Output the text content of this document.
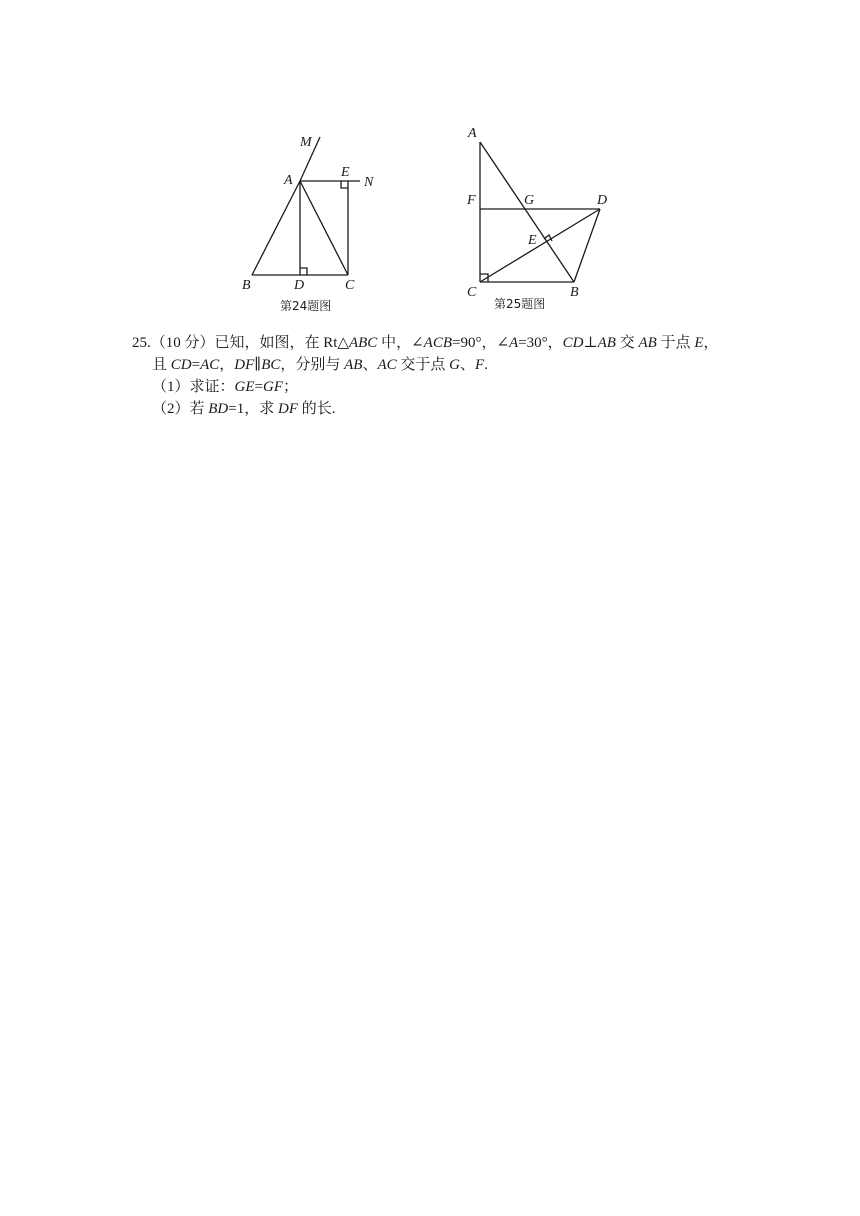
M
A
E
N
B	D	C
第24题图
A
F	G	D
E
C	B
第25题图

25.（10 分）已知，如图，在 Rt△ABC 中，∠ACB=90°，∠A=30°，CD⊥AB 交 AB 于点 E，

且 CD=AC，DF∥BC，分别与 AB、AC 交于点 G、F.

（1）求证：GE=GF；

（2）若 BD=1，求 DF 的长.
